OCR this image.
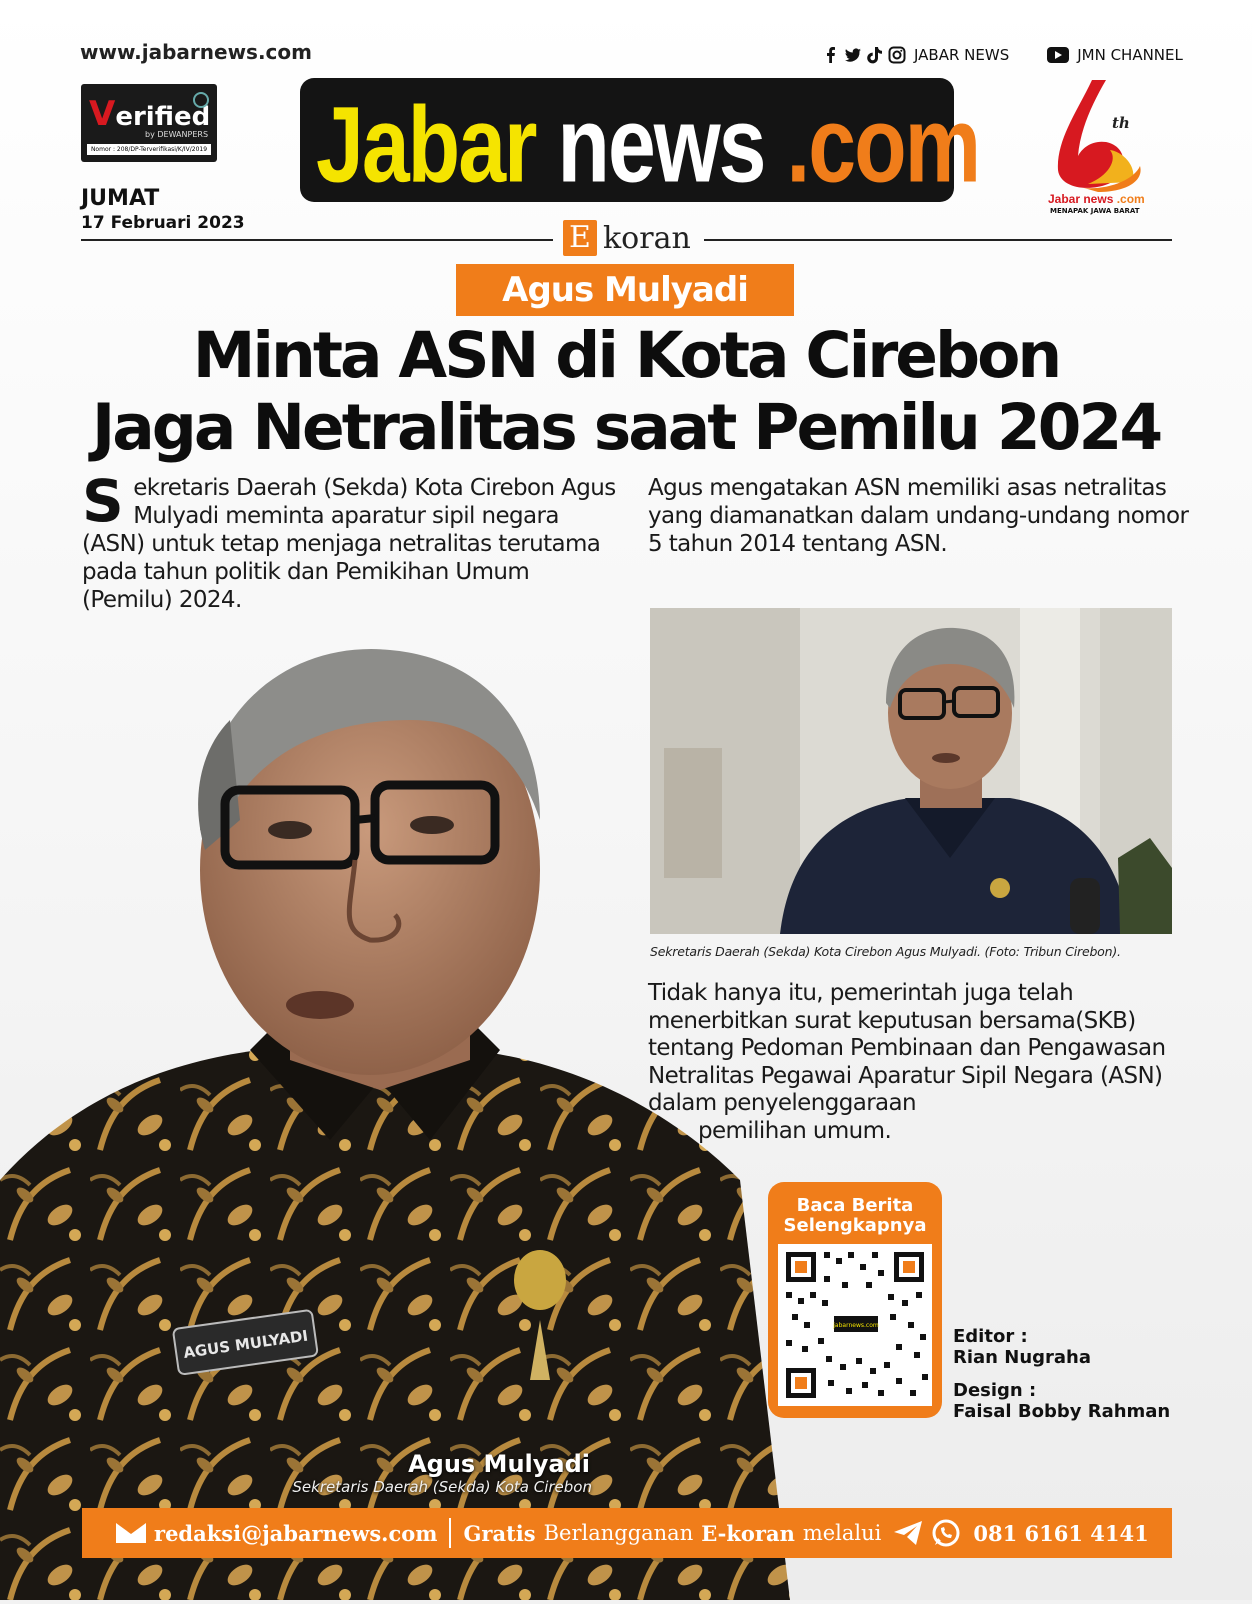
AGUS MULYADI
www.jabarnews.com	JABAR NEWS	JMN CHANNEL
Verified
by DEWANPERS
Nomor : 208/DP-Terverifikasi/K/IV/2019 Jabar news .com	th
Jabar news .com
MENAPAK JAWA BARAT
JUMAT
17 Februari 2023	E koran
Agus Mulyadi
Minta ASN di Kota Cirebon
Jaga Netralitas saat Pemilu 2024
S ekretaris Daerah (Sekda) Kota Cirebon Agus Mulyadi meminta aparatur sipil negara (ASN) untuk tetap menjaga netralitas terutama pada tahun politik dan Pemikihan Umum (Pemilu) 2024.
Agus mengatakan ASN memiliki asas netralitas yang diamanatkan dalam undang-undang nomor 5 tahun 2014 tentang ASN.
Sekretaris Daerah (Sekda) Kota Cirebon Agus Mulyadi. (Foto: Tribun Cirebon).
Tidak hanya itu, pemerintah juga telah menerbitkan surat keputusan bersama(SKB) tentang Pedoman Pembinaan dan Pengawasan Netralitas Pegawai Aparatur Sipil Negara (ASN) dalam penyelenggaraan
pemilihan umum.
Agus Mulyadi
Sekretaris Daerah (Sekda) Kota Cirebon
Baca Berita
Selengkapnya
jabarnews.com
Editor :
Rian Nugraha
Design :
Faisal Bobby Rahman
redaksi@jabarnews.com Gratis Berlangganan E-koran melalui	081 6161 4141
